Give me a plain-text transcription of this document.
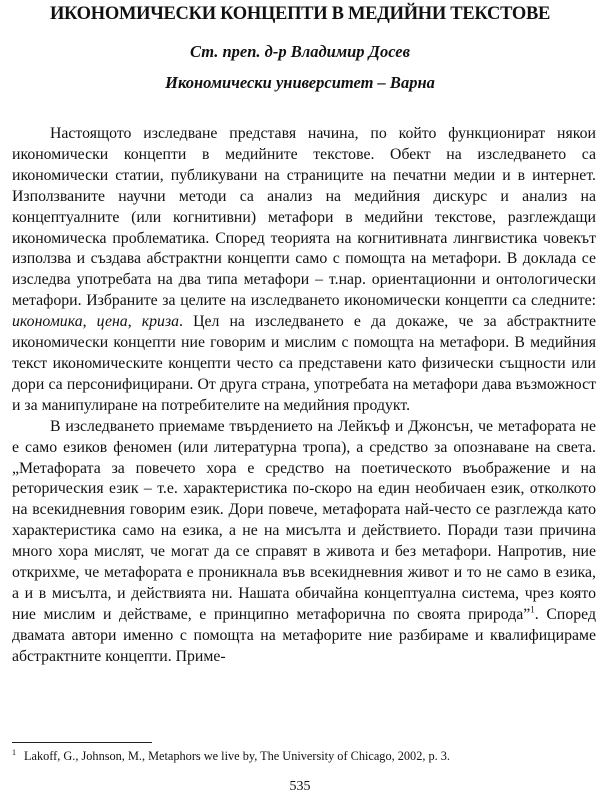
ИКОНОМИЧЕСКИ КОНЦЕПТИ В МЕДИЙНИ ТЕКСТОВЕ

Ст. преп. д-р Владимир Досев

Икономически университет – Варна

Настоящото изследване представя начина, по който функционират някои икономически концепти в медийните текстове. Обект на изследването са икономически статии, публикувани на страниците на печатни медии и в интернет. Използваните научни методи са анализ на медийния дискурс и анализ на концептуалните (или когнитивни) метафори в медийни текстове, разглеждащи икономическа проблематика. Според теорията на когнитивната лингвистика човекът използва и създава абстрактни концепти само с помощта на метафори. В доклада се изследва употребата на два типа метафори – т.нар. ориентационни и онтологически метафори. Избраните за целите на изследването икономически концепти са следните: икономика, цена, криза. Цел на изследването е да докаже, че за абстрактните икономически концепти ние говорим и мислим с помощта на метафори. В медийния текст икономическите концепти често са представени като физически същности или дори са персонифицирани. От друга страна, употребата на метафори дава възможност и за манипулиране на потребителите на медийния продукт.

В изследването приемаме твърдението на Лейкъф и Джонсън, че метафората не е само езиков феномен (или литературна тропа), а средство за опознаване на света. „Метафората за повечето хора е средство на поетическото въображение и на реторическия език – т.е. характеристика по-скоро на един необичаен език, отколкото на всекидневния говорим език. Дори повече, метафората най-често се разглежда като характеристика само на езика, а не на мисълта и действието. Поради тази причина много хора мислят, че могат да се справят в живота и без метафори. Напротив, ние открихме, че метафората е проникнала във всекидневния живот и то не само в езика, а и в мисълта, и действията ни. Нашата обичайна концептуална система, чрез която ние мислим и действаме, е принципно метафорична по своята природа”$^1$. Според двамата автори именно с помощта на метафорите ние разбираме и квалифицираме абстрактните концепти. Приме-

$^1$ Lakoff, G., Johnson, M., Metaphors we live by, The University of Chicago, 2002, p. 3.

535
